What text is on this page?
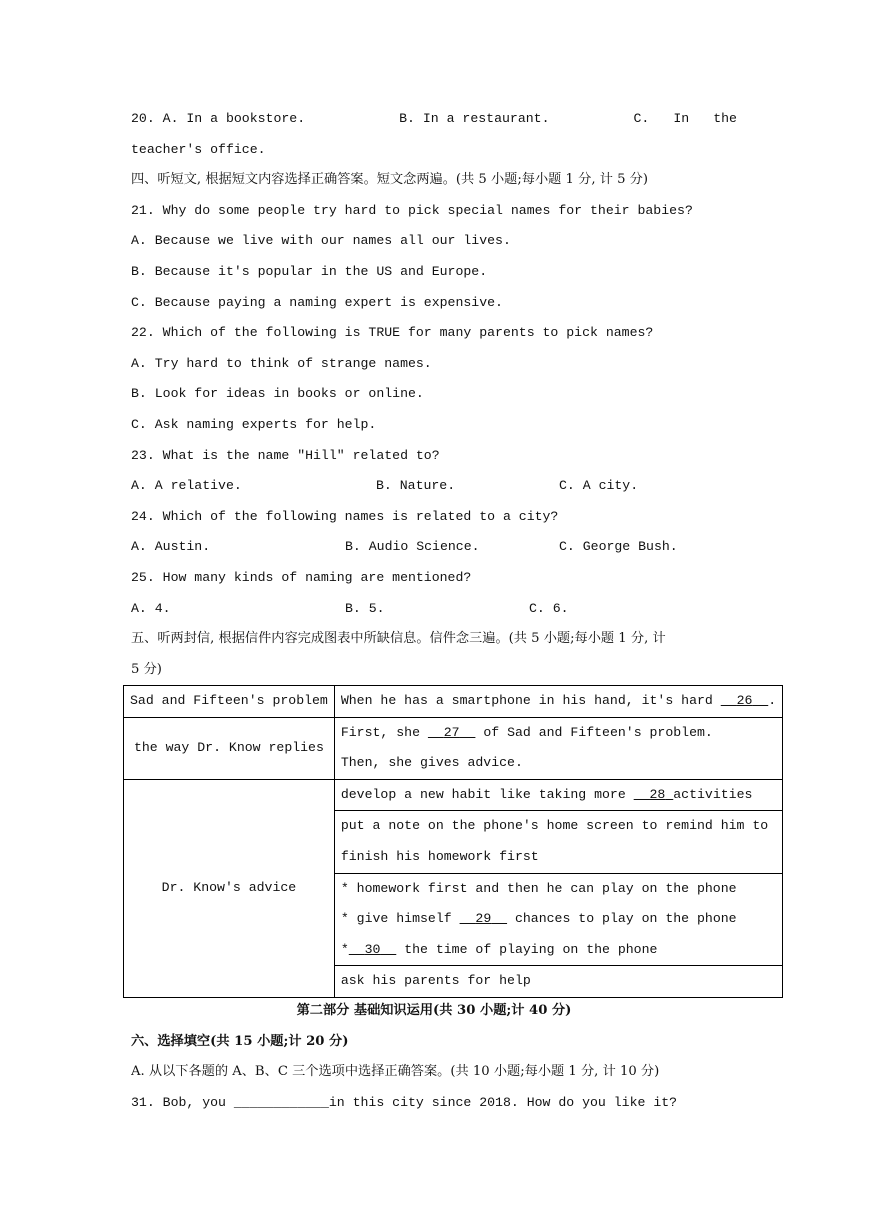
20. A. In a bookstore.	B. In a restaurant.	C. In the
teacher's office.
四、听短文, 根据短文内容选择正确答案。短文念两遍。(共 5 小题;每小题 1 分, 计 5 分)
21. Why do some people try hard to pick special names for their babies?
A. Because we live with our names all our lives.
B. Because it's popular in the US and Europe.
C. Because paying a naming expert is expensive.
22. Which of the following is TRUE for many parents to pick names?
A. Try hard to think of strange names.
B. Look for ideas in books or online.
C. Ask naming experts for help.
23. What is the name "Hill" related to?

A. A relative.

	B. Nature.

	C. A city.

24. Which of the following names is related to a city?

A. Austin.

	B. Audio Science.

	C. George Bush.

25. How many kinds of naming are mentioned?

A. 4.

	B. 5.

	C. 6.

五、听两封信, 根据信件内容完成图表中所缺信息。信件念三遍。(共 5 小题;每小题 1 分, 计
5 分)
Sad and Fifteen's problem	When he has a smartphone in his hand, it's hard 26 .

the way Dr. Know replies	First, she 27 of Sad and Fifteen's problem.
Then, she gives advice.

Dr. Know's advice	develop a new habit like taking more 28 activities

	put a note on the phone's home screen to remind him to
finish his homework first

	* homework first and then he can play on the phone
* give himself 29 chances to play on the phone
* 30 the time of playing on the phone

	ask his parents for help
第二部分 基础知识运用(共 30 小题;计 40 分)
六、选择填空(共 15 小题;计 20 分)
A. 从以下各题的 A、B、C 三个选项中选择正确答案。(共 10 小题;每小题 1 分, 计 10 分)
31. Bob, you ____________in this city since 2018. How do you like it?
